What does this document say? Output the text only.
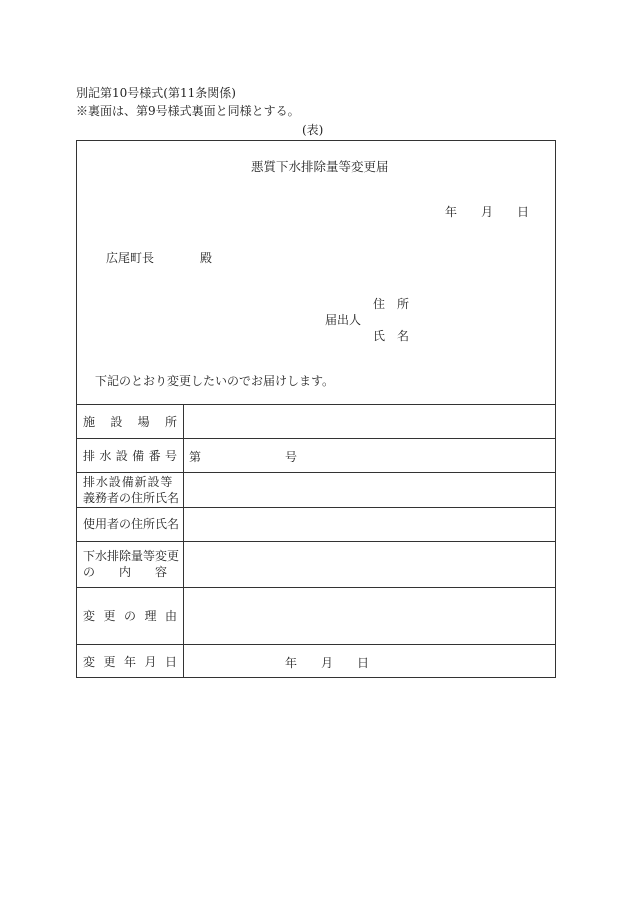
別記第10号様式(第11条関係)
※裏面は、第9号様式裏面と同様とする。
(表)
悪質下水排除量等変更届
年 月 日
広尾町長	殿
届出人
住　所
氏　名
下記のとおり変更したいのでお届けします。
施 設 場 所
排 水 設 備 番 号 第	号
排水設備新設等
義務者の住所氏名
使用者の住所氏名
下水排除量等変更
の　　内　　容
変 更 の 理 由
変 更 年 月 日	年 月 日
